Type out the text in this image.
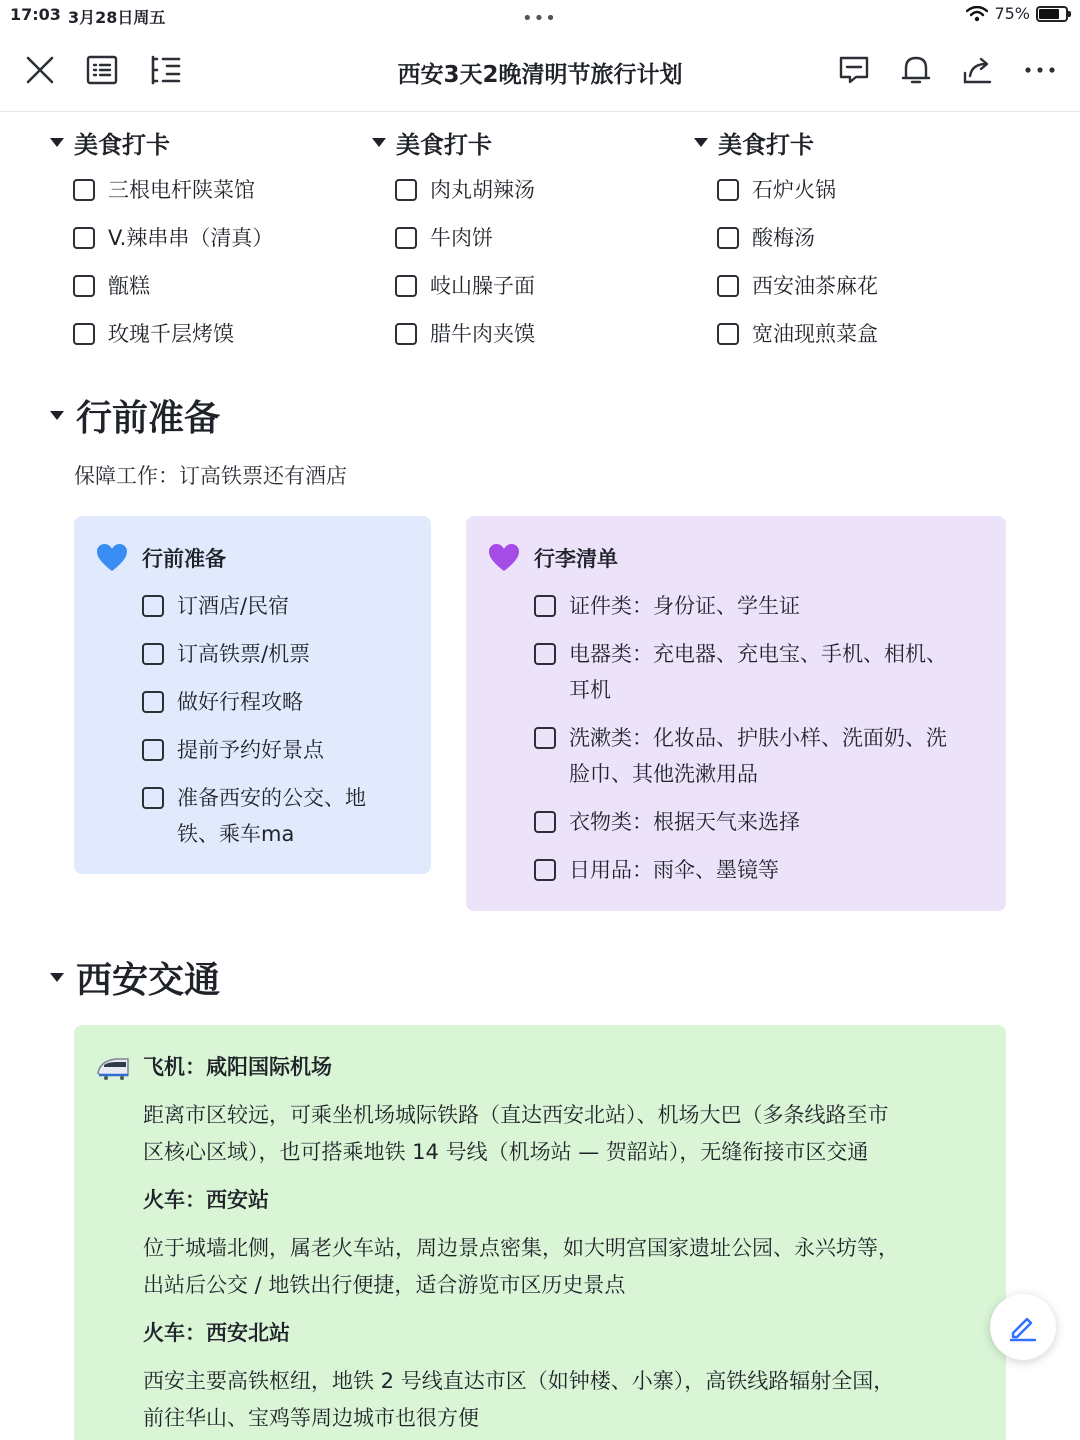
17:03 3月28日周五	•••	75%
西安3天2晚清明节旅行计划
美食打卡
三根电杆陕菜馆
V.辣串串（清真）
甑糕
玫瑰千层烤馍
美食打卡
肉丸胡辣汤
牛肉饼
岐山臊子面
腊牛肉夹馍
美食打卡
石炉火锅
酸梅汤
西安油茶麻花
宽油现煎菜盒
行前准备
保障工作：订高铁票还有酒店
行前准备
订酒店/民宿
订高铁票/机票
做好行程攻略
提前予约好景点
准备西安的公交、地
铁、乘车ma
行李清单
证件类：身份证、学生证
电器类：充电器、充电宝、手机、相机、
耳机
洗漱类：化妆品、护肤小样、洗面奶、洗
脸巾、其他洗漱用品
衣物类：根据天气来选择
日用品：雨伞、墨镜等
西安交通
飞机：咸阳国际机场
距离市区较远，可乘坐机场城际铁路（直达西安北站）、机场大巴（多条线路至市
区核心区域），也可搭乘地铁 14 号线（机场站 — 贺韶站），无缝衔接市区交通
火车：西安站
位于城墙北侧，属老火车站，周边景点密集，如大明宫国家遗址公园、永兴坊等，
出站后公交 / 地铁出行便捷，适合游览市区历史景点
火车：西安北站
西安主要高铁枢纽，地铁 2 号线直达市区（如钟楼、小寨），高铁线路辐射全国，
前往华山、宝鸡等周边城市也很方便
